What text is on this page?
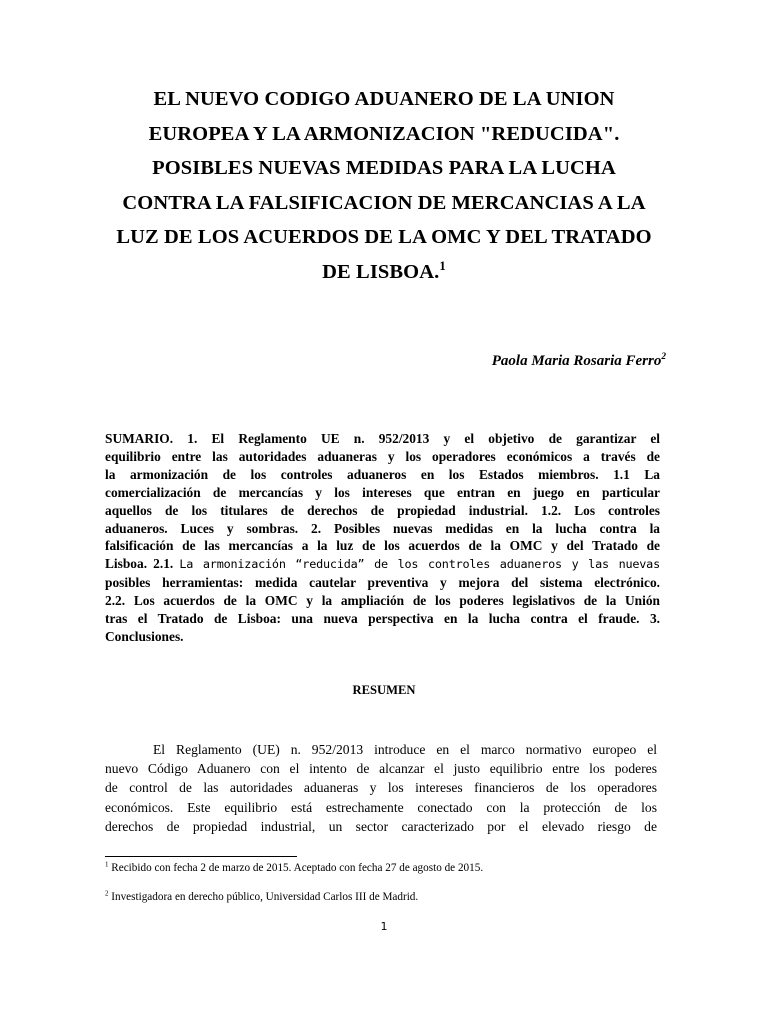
EL NUEVO CODIGO ADUANERO DE LA UNION
EUROPEA Y LA ARMONIZACION "REDUCIDA".
POSIBLES NUEVAS MEDIDAS PARA LA LUCHA
CONTRA LA FALSIFICACION DE MERCANCIAS A LA
LUZ DE LOS ACUERDOS DE LA OMC Y DEL TRATADO
DE LISBOA.$^1$
Paola Maria Rosaria Ferro$^2$
SUMARIO. 1. El Reglamento UE n. 952/2013 y el objetivo de garantizar el
equilibrio entre las autoridades aduaneras y los operadores económicos a través de
la armonización de los controles aduaneros en los Estados miembros. 1.1 La
comercialización de mercancías y los intereses que entran en juego en particular
aquellos de los titulares de derechos de propiedad industrial. 1.2. Los controles
aduaneros. Luces y sombras. 2. Posibles nuevas medidas en la lucha contra la
falsificación de las mercancías a la luz de los acuerdos de la OMC y del Tratado de
Lisboa. 2.1. La armonización “reducida” de los controles aduaneros y las nuevas
posibles herramientas: medida cautelar preventiva y mejora del sistema electrónico.
2.2. Los acuerdos de la OMC y la ampliación de los poderes legislativos de la Unión
tras el Tratado de Lisboa: una nueva perspectiva en la lucha contra el fraude. 3.
Conclusiones.
RESUMEN
El Reglamento (UE) n. 952/2013 introduce en el marco normativo europeo el
nuevo Código Aduanero con el intento de alcanzar el justo equilibrio entre los poderes
de control de las autoridades aduaneras y los intereses financieros de los operadores
económicos. Este equilibrio está estrechamente conectado con la protección de los
derechos de propiedad industrial, un sector caracterizado por el elevado riesgo de
$^1$ Recibido con fecha 2 de marzo de 2015. Aceptado con fecha 27 de agosto de 2015.
$^2$ Investigadora en derecho público, Universidad Carlos III de Madrid.
1
